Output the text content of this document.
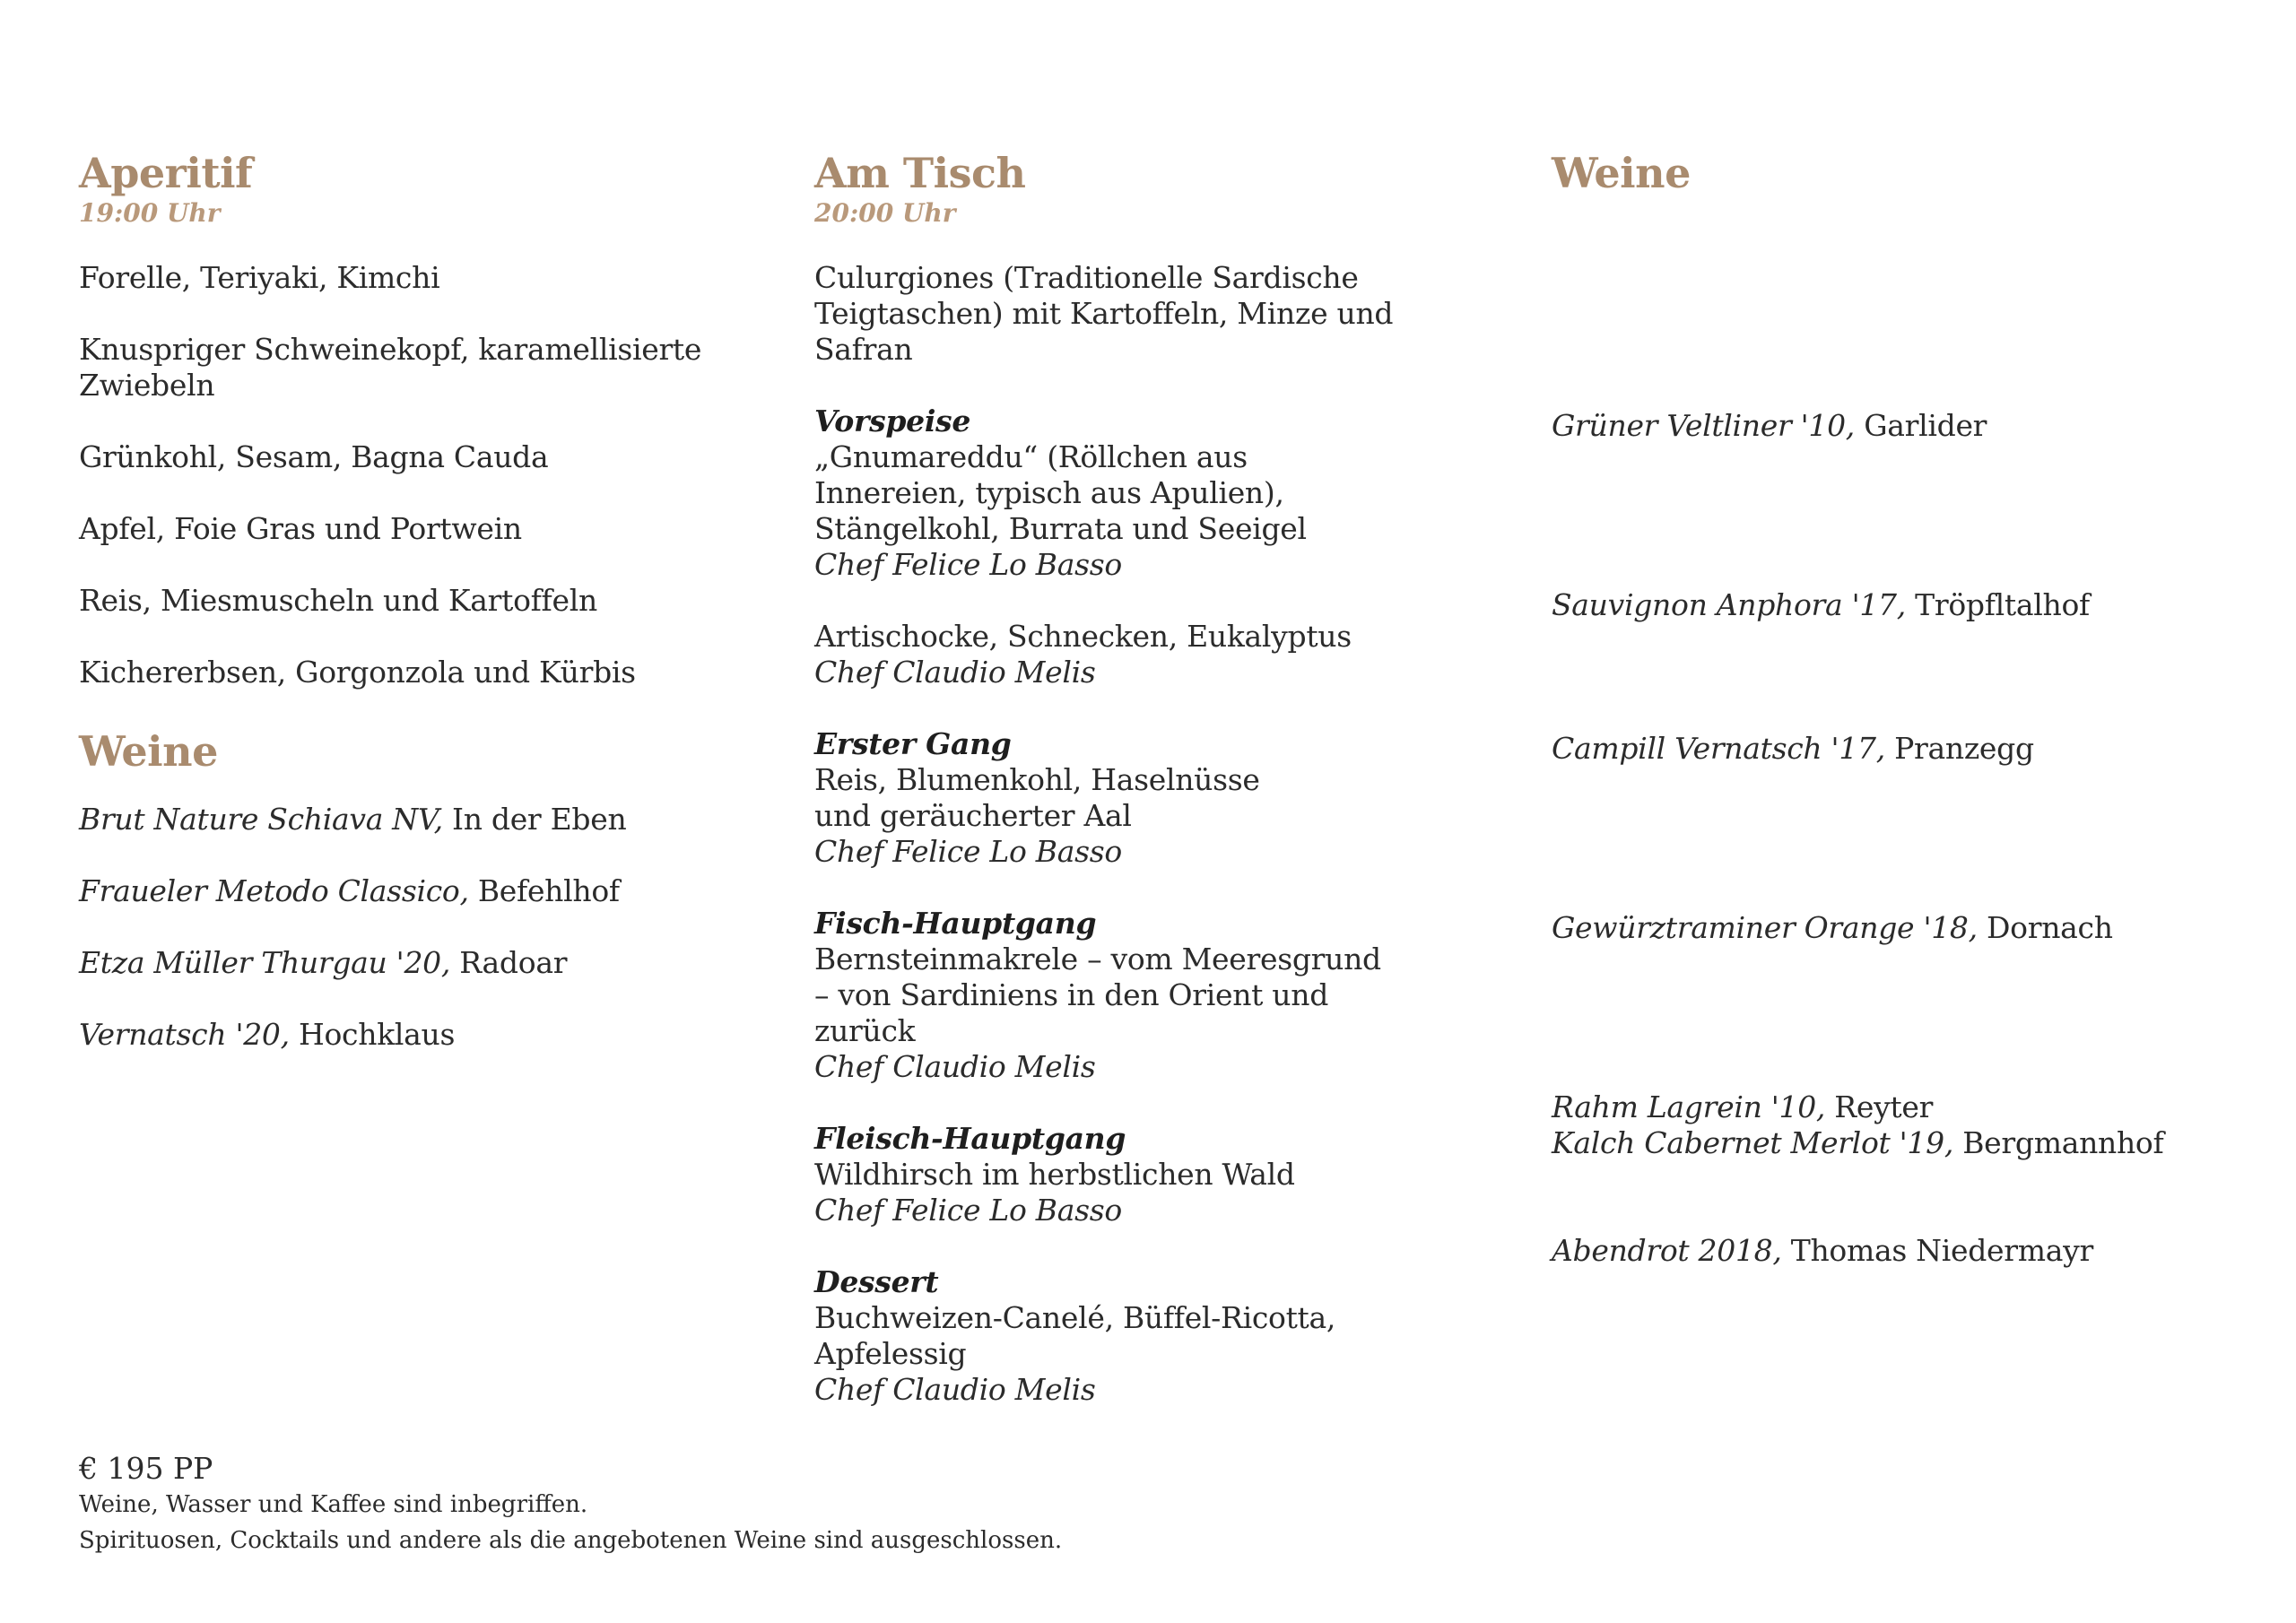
Aperitif

19:00 Uhr

Forelle, Teriyaki, Kimchi

Knuspriger Schweinekopf, karamellisierte Zwiebeln

Grünkohl, Sesam, Bagna Cauda

Apfel, Foie Gras und Portwein

Reis, Miesmuscheln und Kartoffeln

Kichererbsen, Gorgonzola und Kürbis

Weine

Brut Nature Schiava NV, In der Eben

Fraueler Metodo Classico, Befehlhof

Etza Müller Thurgau '20, Radoar

Vernatsch '20, Hochklaus

Am Tisch

20:00 Uhr

Culurgiones (Traditionelle Sardische Teigtaschen) mit Kartoffeln, Minze und Safran

Vorspeise

„Gnumareddu“ (Röllchen aus Innereien, typisch aus Apulien), Stängelkohl, Burrata und Seeigel

Chef Felice Lo Basso

Artischocke, Schnecken, Eukalyptus

Chef Claudio Melis

Erster Gang

Reis, Blumenkohl, Haselnüsse und geräucherter Aal

Chef Felice Lo Basso

Fisch-Hauptgang

Bernsteinmakrele – vom Meeresgrund – von Sardiniens in den Orient und zurück

Chef Claudio Melis

Fleisch-Hauptgang

Wildhirsch im herbstlichen Wald

Chef Felice Lo Basso

Dessert

Buchweizen-Canelé, Büffel-Ricotta, Apfelessig

Chef Claudio Melis

Weine

Grüner Veltliner '10, Garlider

Sauvignon Anphora '17, Tröpfltalhof

Campill Vernatsch '17, Pranzegg

Gewürztraminer Orange '18, Dornach

Rahm Lagrein '10, Reyter

Kalch Cabernet Merlot '19, Bergmannhof

Abendrot 2018, Thomas Niedermayr

€ 195 PP

Weine, Wasser und Kaffee sind inbegriffen.

Spirituosen, Cocktails und andere als die angebotenen Weine sind ausgeschlossen.
